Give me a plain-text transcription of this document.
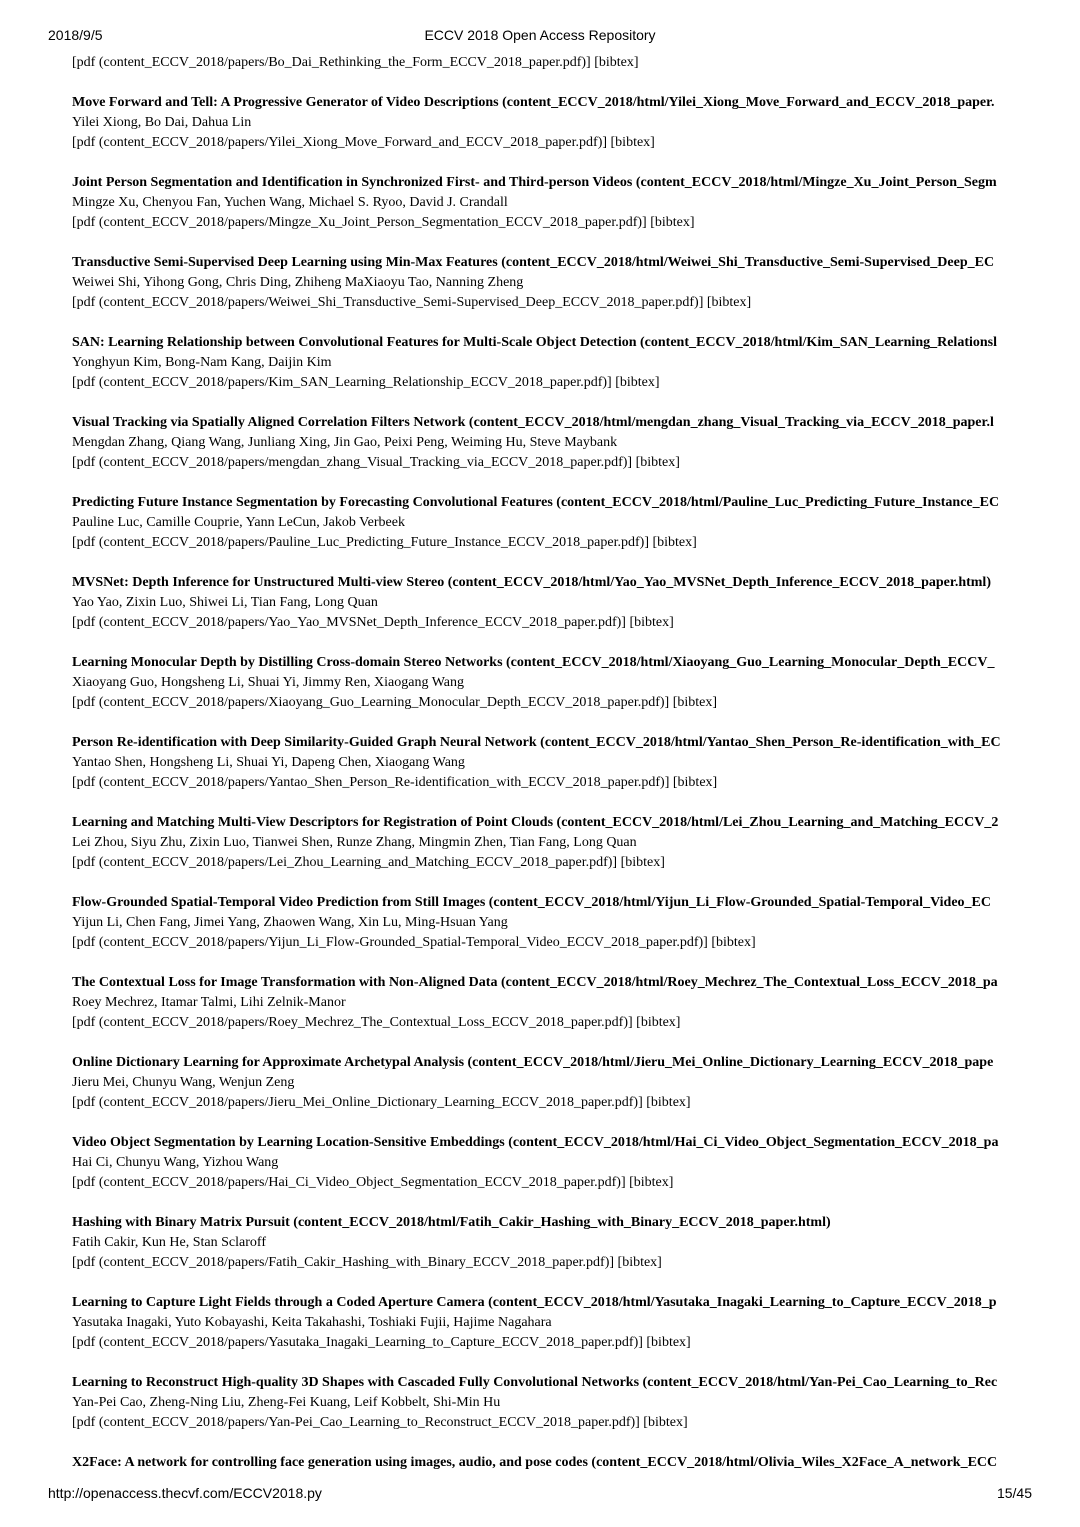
2018/9/5	ECCV 2018 Open Access Repository
[pdf (content_ECCV_2018/papers/Bo_Dai_Rethinking_the_Form_ECCV_2018_paper.pdf)] [bibtex]
Move Forward and Tell: A Progressive Generator of Video Descriptions (content_ECCV_2018/html/Yilei_Xiong_Move_Forward_and_ECCV_2018_paper.
Yilei Xiong, Bo Dai, Dahua Lin
[pdf (content_ECCV_2018/papers/Yilei_Xiong_Move_Forward_and_ECCV_2018_paper.pdf)] [bibtex]
Joint Person Segmentation and Identification in Synchronized First- and Third-person Videos (content_ECCV_2018/html/Mingze_Xu_Joint_Person_Segm
Mingze Xu, Chenyou Fan, Yuchen Wang, Michael S. Ryoo, David J. Crandall
[pdf (content_ECCV_2018/papers/Mingze_Xu_Joint_Person_Segmentation_ECCV_2018_paper.pdf)] [bibtex]
Transductive Semi-Supervised Deep Learning using Min-Max Features (content_ECCV_2018/html/Weiwei_Shi_Transductive_Semi-Supervised_Deep_EC
Weiwei Shi, Yihong Gong, Chris Ding, Zhiheng MaXiaoyu Tao, Nanning Zheng
[pdf (content_ECCV_2018/papers/Weiwei_Shi_Transductive_Semi-Supervised_Deep_ECCV_2018_paper.pdf)] [bibtex]
SAN: Learning Relationship between Convolutional Features for Multi-Scale Object Detection (content_ECCV_2018/html/Kim_SAN_Learning_Relationsl
Yonghyun Kim, Bong-Nam Kang, Daijin Kim
[pdf (content_ECCV_2018/papers/Kim_SAN_Learning_Relationship_ECCV_2018_paper.pdf)] [bibtex]
Visual Tracking via Spatially Aligned Correlation Filters Network (content_ECCV_2018/html/mengdan_zhang_Visual_Tracking_via_ECCV_2018_paper.l
Mengdan Zhang, Qiang Wang, Junliang Xing, Jin Gao, Peixi Peng, Weiming Hu, Steve Maybank
[pdf (content_ECCV_2018/papers/mengdan_zhang_Visual_Tracking_via_ECCV_2018_paper.pdf)] [bibtex]
Predicting Future Instance Segmentation by Forecasting Convolutional Features (content_ECCV_2018/html/Pauline_Luc_Predicting_Future_Instance_EC
Pauline Luc, Camille Couprie, Yann LeCun, Jakob Verbeek
[pdf (content_ECCV_2018/papers/Pauline_Luc_Predicting_Future_Instance_ECCV_2018_paper.pdf)] [bibtex]
MVSNet: Depth Inference for Unstructured Multi-view Stereo (content_ECCV_2018/html/Yao_Yao_MVSNet_Depth_Inference_ECCV_2018_paper.html)
Yao Yao, Zixin Luo, Shiwei Li, Tian Fang, Long Quan
[pdf (content_ECCV_2018/papers/Yao_Yao_MVSNet_Depth_Inference_ECCV_2018_paper.pdf)] [bibtex]
Learning Monocular Depth by Distilling Cross-domain Stereo Networks (content_ECCV_2018/html/Xiaoyang_Guo_Learning_Monocular_Depth_ECCV_
Xiaoyang Guo, Hongsheng Li, Shuai Yi, Jimmy Ren, Xiaogang Wang
[pdf (content_ECCV_2018/papers/Xiaoyang_Guo_Learning_Monocular_Depth_ECCV_2018_paper.pdf)] [bibtex]
Person Re-identification with Deep Similarity-Guided Graph Neural Network (content_ECCV_2018/html/Yantao_Shen_Person_Re-identification_with_EC
Yantao Shen, Hongsheng Li, Shuai Yi, Dapeng Chen, Xiaogang Wang
[pdf (content_ECCV_2018/papers/Yantao_Shen_Person_Re-identification_with_ECCV_2018_paper.pdf)] [bibtex]
Learning and Matching Multi-View Descriptors for Registration of Point Clouds (content_ECCV_2018/html/Lei_Zhou_Learning_and_Matching_ECCV_2
Lei Zhou, Siyu Zhu, Zixin Luo, Tianwei Shen, Runze Zhang, Mingmin Zhen, Tian Fang, Long Quan
[pdf (content_ECCV_2018/papers/Lei_Zhou_Learning_and_Matching_ECCV_2018_paper.pdf)] [bibtex]
Flow-Grounded Spatial-Temporal Video Prediction from Still Images (content_ECCV_2018/html/Yijun_Li_Flow-Grounded_Spatial-Temporal_Video_EC
Yijun Li, Chen Fang, Jimei Yang, Zhaowen Wang, Xin Lu, Ming-Hsuan Yang
[pdf (content_ECCV_2018/papers/Yijun_Li_Flow-Grounded_Spatial-Temporal_Video_ECCV_2018_paper.pdf)] [bibtex]
The Contextual Loss for Image Transformation with Non-Aligned Data (content_ECCV_2018/html/Roey_Mechrez_The_Contextual_Loss_ECCV_2018_pa
Roey Mechrez, Itamar Talmi, Lihi Zelnik-Manor
[pdf (content_ECCV_2018/papers/Roey_Mechrez_The_Contextual_Loss_ECCV_2018_paper.pdf)] [bibtex]
Online Dictionary Learning for Approximate Archetypal Analysis (content_ECCV_2018/html/Jieru_Mei_Online_Dictionary_Learning_ECCV_2018_pape
Jieru Mei, Chunyu Wang, Wenjun Zeng
[pdf (content_ECCV_2018/papers/Jieru_Mei_Online_Dictionary_Learning_ECCV_2018_paper.pdf)] [bibtex]
Video Object Segmentation by Learning Location-Sensitive Embeddings (content_ECCV_2018/html/Hai_Ci_Video_Object_Segmentation_ECCV_2018_pa
Hai Ci, Chunyu Wang, Yizhou Wang
[pdf (content_ECCV_2018/papers/Hai_Ci_Video_Object_Segmentation_ECCV_2018_paper.pdf)] [bibtex]
Hashing with Binary Matrix Pursuit (content_ECCV_2018/html/Fatih_Cakir_Hashing_with_Binary_ECCV_2018_paper.html)
Fatih Cakir, Kun He, Stan Sclaroff
[pdf (content_ECCV_2018/papers/Fatih_Cakir_Hashing_with_Binary_ECCV_2018_paper.pdf)] [bibtex]
Learning to Capture Light Fields through a Coded Aperture Camera (content_ECCV_2018/html/Yasutaka_Inagaki_Learning_to_Capture_ECCV_2018_p
Yasutaka Inagaki, Yuto Kobayashi, Keita Takahashi, Toshiaki Fujii, Hajime Nagahara
[pdf (content_ECCV_2018/papers/Yasutaka_Inagaki_Learning_to_Capture_ECCV_2018_paper.pdf)] [bibtex]
Learning to Reconstruct High-quality 3D Shapes with Cascaded Fully Convolutional Networks (content_ECCV_2018/html/Yan-Pei_Cao_Learning_to_Rec
Yan-Pei Cao, Zheng-Ning Liu, Zheng-Fei Kuang, Leif Kobbelt, Shi-Min Hu
[pdf (content_ECCV_2018/papers/Yan-Pei_Cao_Learning_to_Reconstruct_ECCV_2018_paper.pdf)] [bibtex]
X2Face: A network for controlling face generation using images, audio, and pose codes (content_ECCV_2018/html/Olivia_Wiles_X2Face_A_network_ECC
http://openaccess.thecvf.com/ECCV2018.py	15/45
